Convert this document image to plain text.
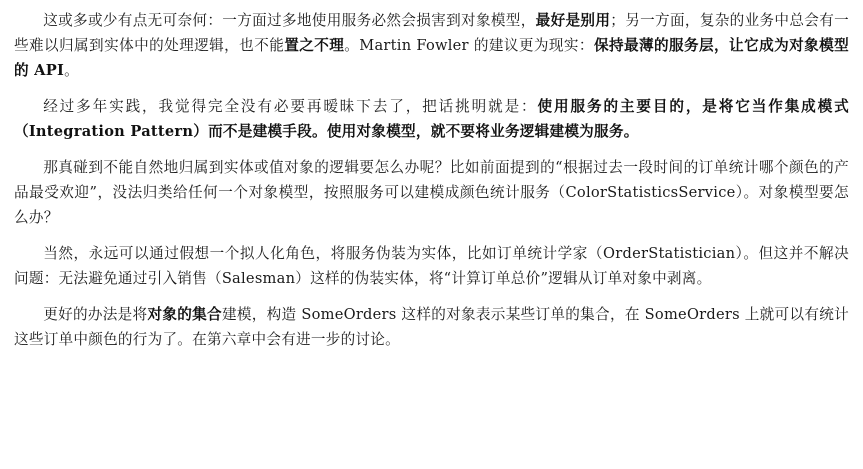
这或多或少有点无可奈何：一方面过多地使用服务必然会损害到对象模型，最好是别用；另一方面，复杂的业务中总会有一些难以归属到实体中的处理逻辑，也不能置之不理。Martin Fowler 的建议更为现实：保持最薄的服务层，让它成为对象模型的 API。

经过多年实践，我觉得完全没有必要再暧昧下去了，把话挑明就是：使用服务的主要目的，是将它当作集成模式（Integration Pattern）而不是建模手段。使用对象模型，就不要将业务逻辑建模为服务。

那真碰到不能自然地归属到实体或值对象的逻辑要怎么办呢？比如前面提到的“根据过去一段时间的订单统计哪个颜色的产品最受欢迎”，没法归类给任何一个对象模型，按照服务可以建模成颜色统计服务（ColorStatisticsService）。对象模型要怎么办？

当然，永远可以通过假想一个拟人化角色，将服务伪装为实体，比如订单统计学家（OrderStatistician）。但这并不解决问题：无法避免通过引入销售（Salesman）这样的伪装实体，将“计算订单总价”逻辑从订单对象中剥离。

更好的办法是将对象的集合建模，构造 SomeOrders 这样的对象表示某些订单的集合，在 SomeOrders 上就可以有统计这些订单中颜色的行为了。在第六章中会有进一步的讨论。
